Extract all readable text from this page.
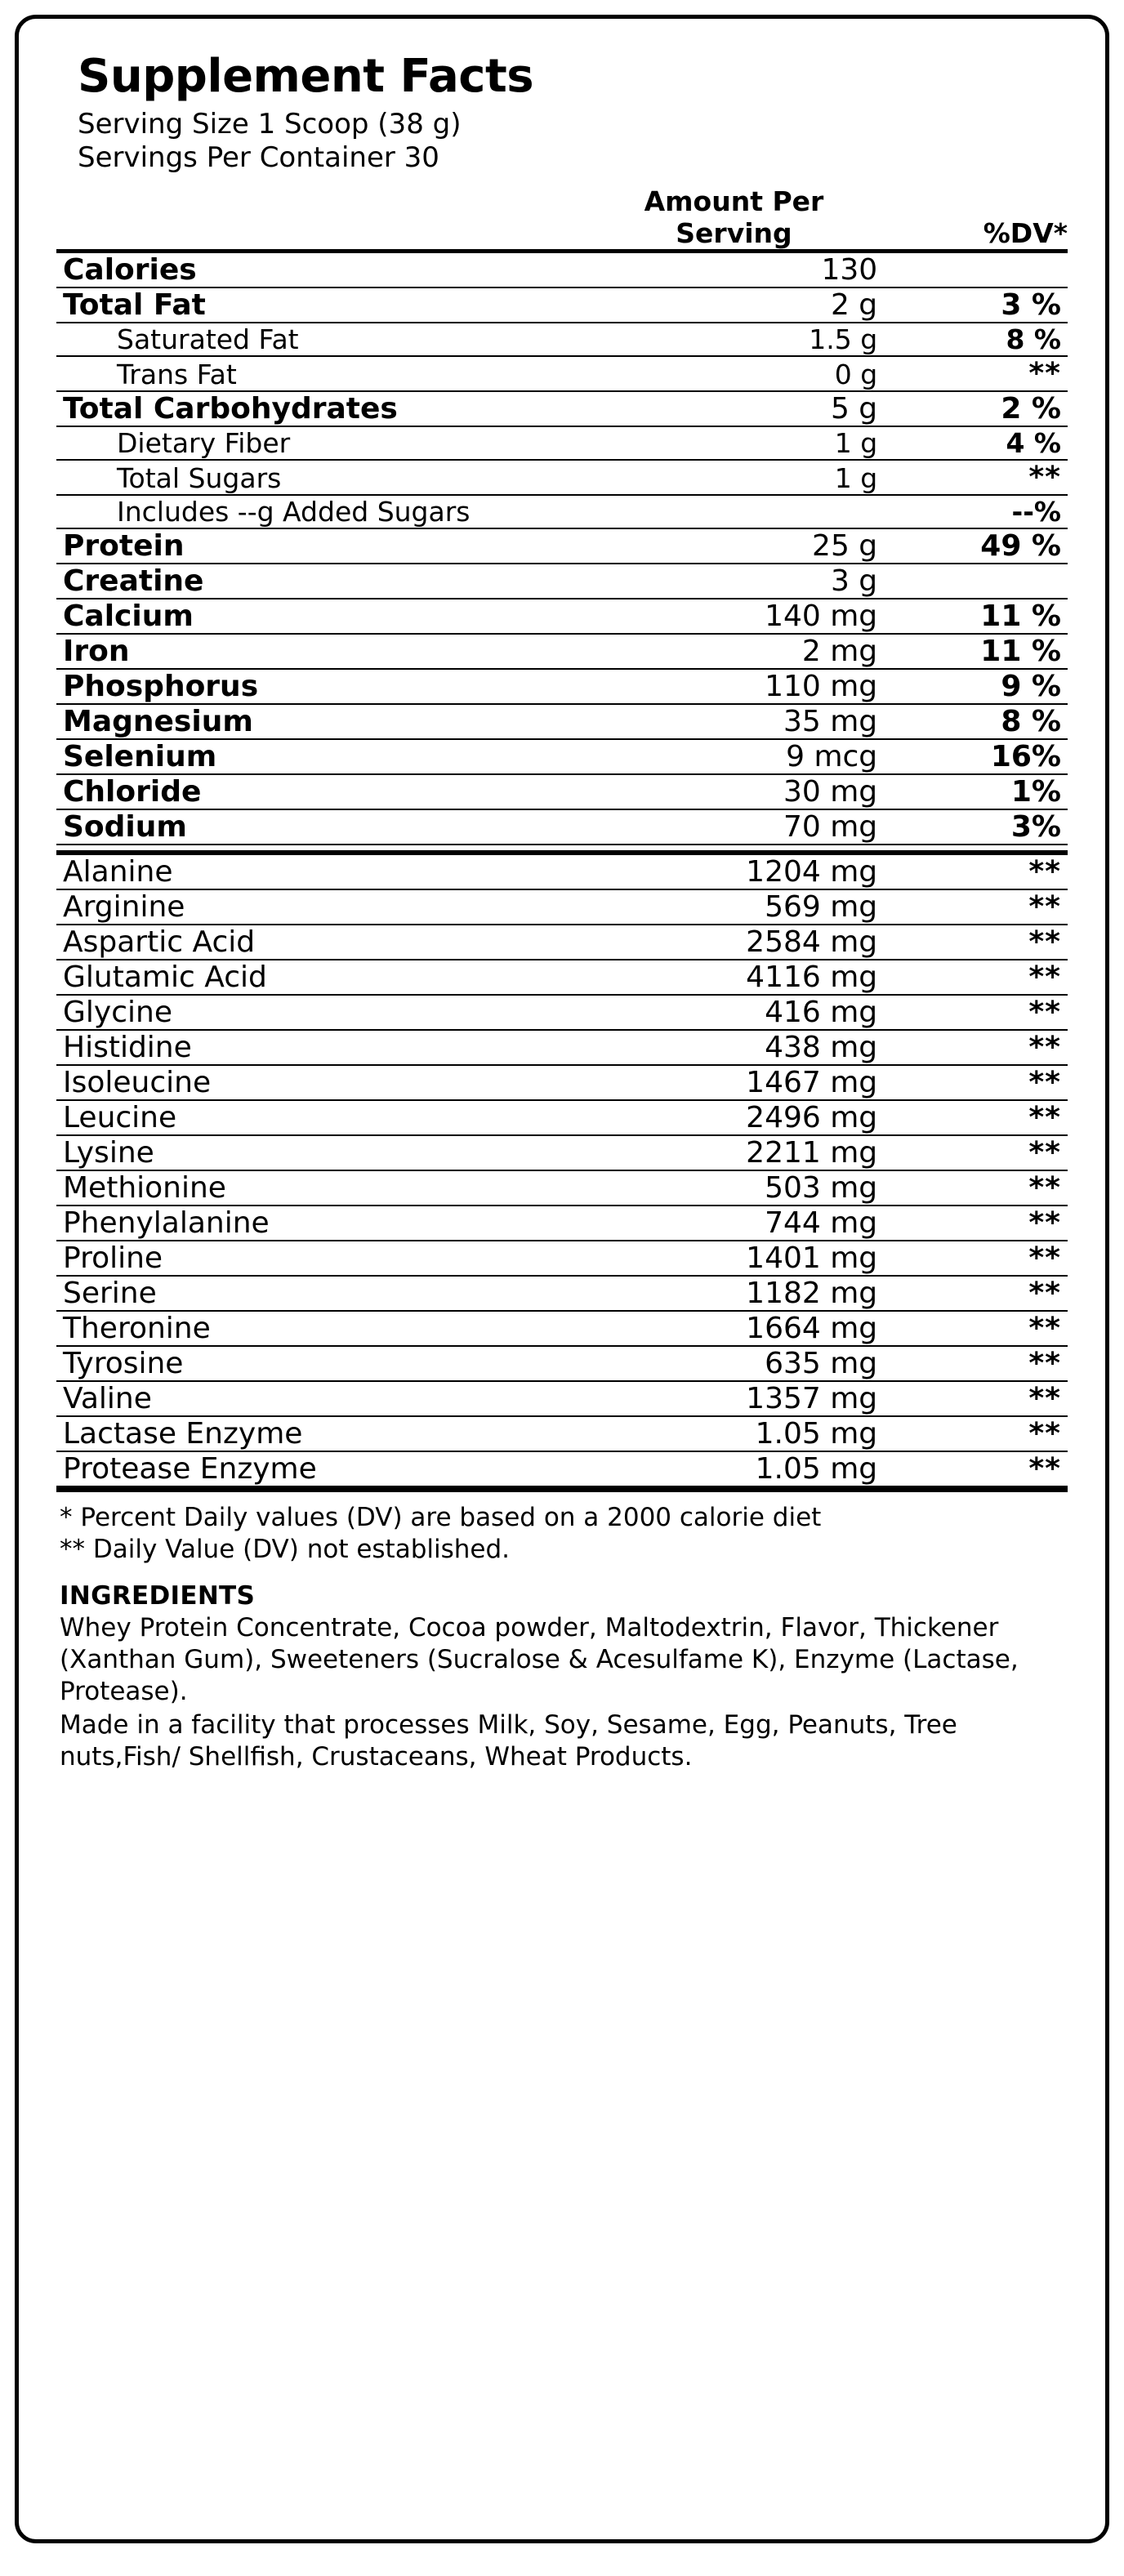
Supplement Facts
Serving Size 1 Scoop (38 g)
Servings Per Container 30
	Amount Per Serving	%DV*
Calories	130	
Total Fat	2 g	3 %
Saturated Fat	1.5 g	8 %
Trans Fat	0 g	**
Total Carbohydrates	5 g	2 %
Dietary Fiber	1 g	4 %
Total Sugars	1 g	**
Includes --g Added Sugars		--%
Protein	25 g	49 %
Creatine	3 g	
Calcium	140 mg	11 %
Iron	2 mg	11 %
Phosphorus	110 mg	9 %
Magnesium	35 mg	8 %
Selenium	9 mcg	16%
Chloride	30 mg	1%
Sodium	70 mg	3%

Alanine	1204 mg	**
Arginine	569 mg	**
Aspartic Acid	2584 mg	**
Glutamic Acid	4116 mg	**
Glycine	416 mg	**
Histidine	438 mg	**
Isoleucine	1467 mg	**
Leucine	2496 mg	**
Lysine	2211 mg	**
Methionine	503 mg	**
Phenylalanine	744 mg	**
Proline	1401 mg	**
Serine	1182 mg	**
Theronine	1664 mg	**
Tyrosine	635 mg	**
Valine	1357 mg	**
Lactase Enzyme	1.05 mg	**
Protease Enzyme	1.05 mg	**
* Percent Daily values (DV) are based on a 2000 calorie diet
** Daily Value (DV) not established.
INGREDIENTS
Whey Protein Concentrate, Cocoa powder, Maltodextrin, Flavor, Thickener (Xanthan Gum), Sweeteners (Sucralose & Acesulfame K), Enzyme (Lactase, Protease).
Made in a facility that processes Milk, Soy, Sesame, Egg, Peanuts, Tree nuts,Fish/ Shellfish, Crustaceans, Wheat Products.
